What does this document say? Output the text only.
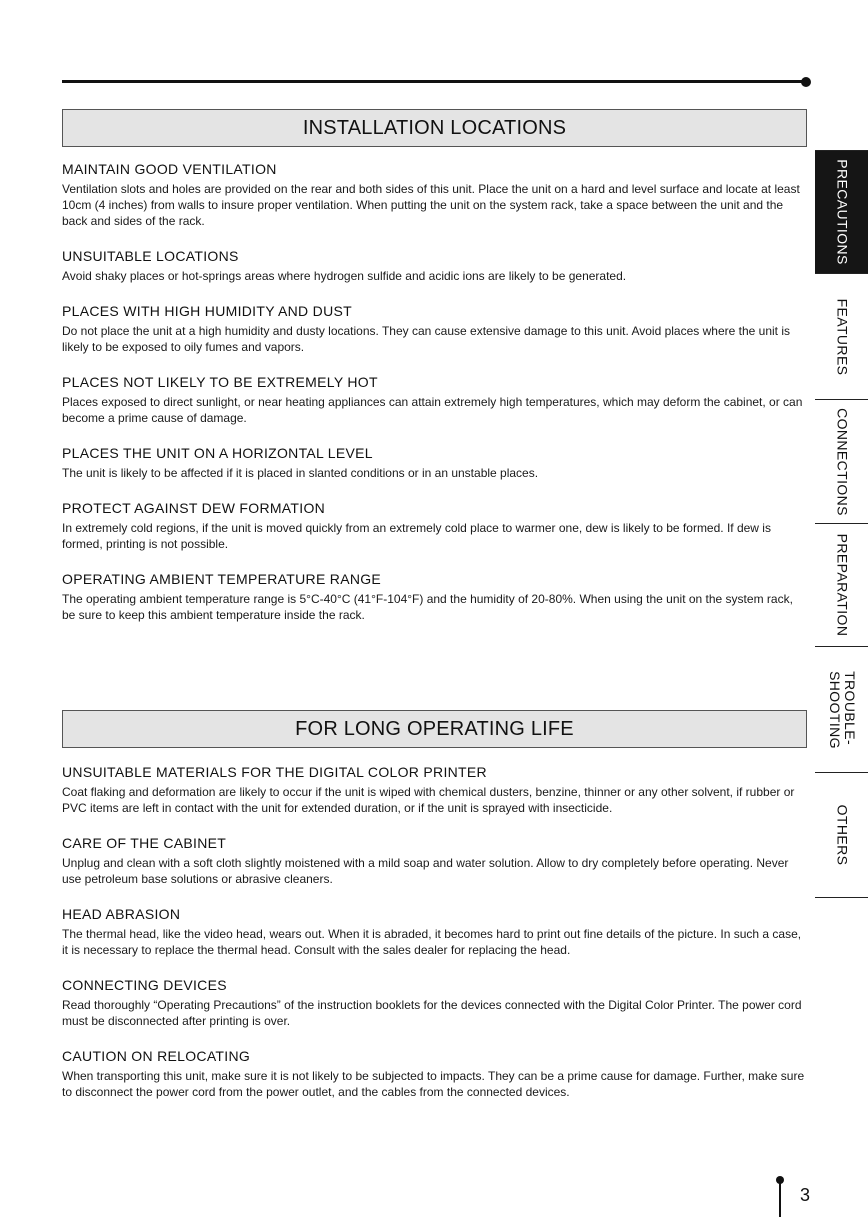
INSTALLATION LOCATIONS
MAINTAIN GOOD VENTILATION

Ventilation slots and holes are provided on the rear and both sides of this unit. Place the unit on a hard and level surface and locate at least 10cm (4 inches) from walls to insure proper ventilation. When putting the unit on the system rack, take a space between the unit and the back and sides of the rack.

UNSUITABLE LOCATIONS

Avoid shaky places or hot-springs areas where hydrogen sulfide and acidic ions are likely to be generated.

PLACES WITH HIGH HUMIDITY AND DUST

Do not place the unit at a high humidity and dusty locations. They can cause extensive damage to this unit. Avoid places where the unit is likely to be exposed to oily fumes and vapors.

PLACES NOT LIKELY TO BE EXTREMELY HOT

Places exposed to direct sunlight, or near heating appliances can attain extremely high temperatures, which may deform the cabinet, or can become a prime cause of damage.

PLACES THE UNIT ON A HORIZONTAL LEVEL

The unit is likely to be affected if it is placed in slanted conditions or in an unstable places.

PROTECT AGAINST DEW FORMATION

In extremely cold regions, if the unit is moved quickly from an extremely cold place to warmer one, dew is likely to be formed. If dew is formed, printing is not possible.

OPERATING AMBIENT TEMPERATURE RANGE

The operating ambient temperature range is 5°C-40°C (41°F-104°F) and the humidity of 20-80%. When using the unit on the system rack, be sure to keep this ambient temperature inside the rack.

FOR LONG OPERATING LIFE
UNSUITABLE MATERIALS FOR THE DIGITAL COLOR PRINTER

Coat flaking and deformation are likely to occur if the unit is wiped with chemical dusters, benzine, thinner or any other solvent, if rubber or PVC items are left in contact with the unit for extended duration, or if the unit is sprayed with insecticide.

CARE OF THE CABINET

Unplug and clean with a soft cloth slightly moistened with a mild soap and water solution. Allow to dry completely before operating. Never use petroleum base solutions or abrasive cleaners.

HEAD ABRASION

The thermal head, like the video head, wears out. When it is abraded, it becomes hard to print out fine details of the picture. In such a case, it is necessary to replace the thermal head. Consult with the sales dealer for replacing the head.

CONNECTING DEVICES

Read thoroughly “Operating Precautions” of the instruction booklets for the devices connected with the Digital Color Printer. The power cord must be disconnected after printing is over.

CAUTION ON RELOCATING

When transporting this unit, make sure it is not likely to be subjected to impacts. They can be a prime cause for damage. Further, make sure to disconnect the power cord from the power outlet, and the cables from the connected devices.

PRECAUTIONS
FEATURES
CONNECTIONS
PREPARATION
TROUBLE-
SHOOTING
OTHERS
3
